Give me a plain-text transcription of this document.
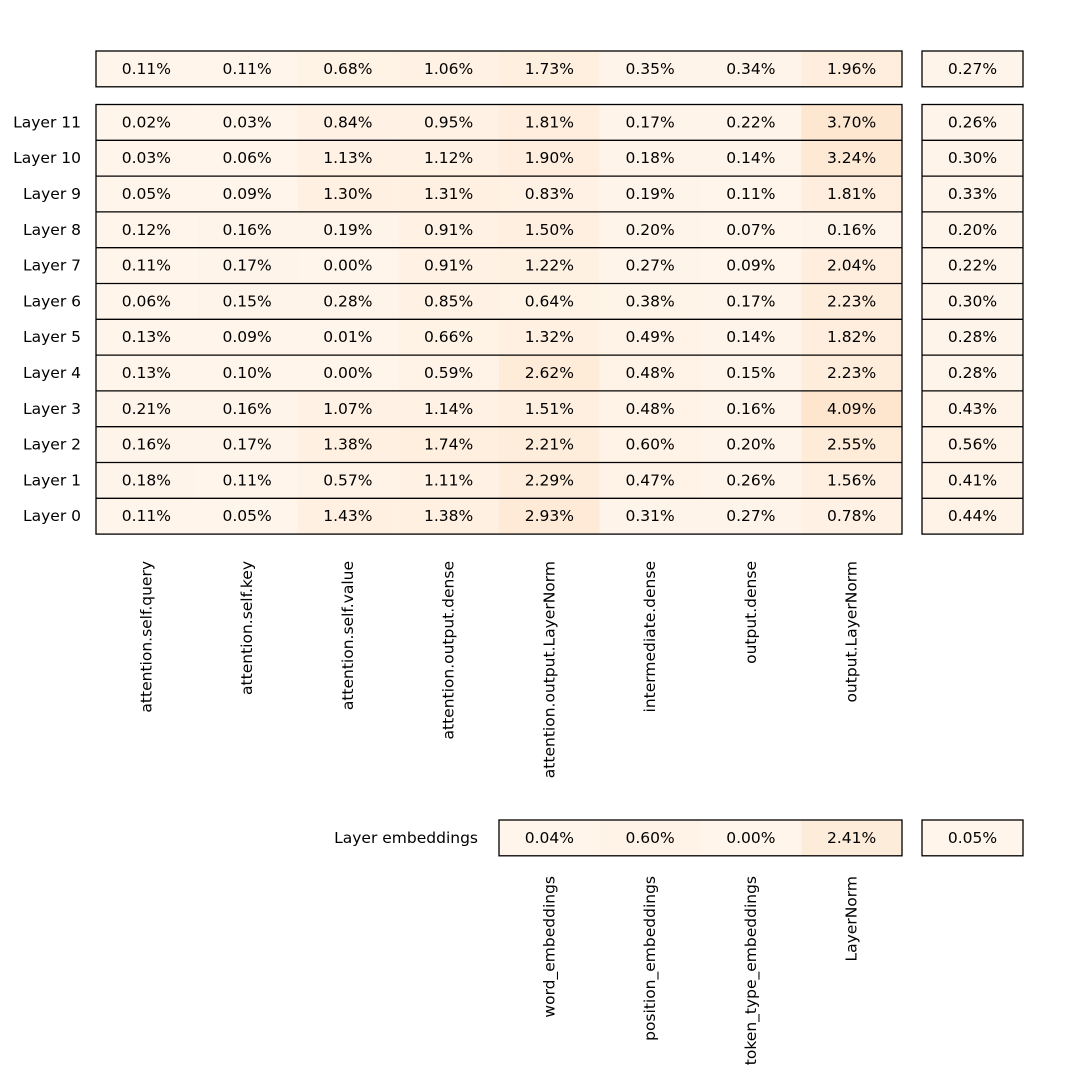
0.11%	0.11%	0.68%	1.06%	1.73%	0.35%	0.34%	1.96%	0.27%
0.02%	0.03%	0.84%	0.95%	1.81%	0.17%	0.22%	3.70%	0.26%
Layer 11
0.03%	0.06%	1.13%	1.12%	1.90%	0.18%	0.14%	3.24%	0.30%
Layer 10
0.05%	0.09%	1.30%	1.31%	0.83%	0.19%	0.11%	1.81%	0.33%
Layer 9
0.12%	0.16%	0.19%	0.91%	1.50%	0.20%	0.07%	0.16%	0.20%
Layer 8
0.11%	0.17%	0.00%	0.91%	1.22%	0.27%	0.09%	2.04%	0.22%
Layer 7
0.06%	0.15%	0.28%	0.85%	0.64%	0.38%	0.17%	2.23%	0.30%
Layer 6
0.13%	0.09%	0.01%	0.66%	1.32%	0.49%	0.14%	1.82%	0.28%
Layer 5
0.13%	0.10%	0.00%	0.59%	2.62%	0.48%	0.15%	2.23%	0.28%
Layer 4
0.21%	0.16%	1.07%	1.14%	1.51%	0.48%	0.16%	4.09%	0.43%
Layer 3
0.16%	0.17%	1.38%	1.74%	2.21%	0.60%	0.20%	2.55%	0.56%
Layer 2
0.18%	0.11%	0.57%	1.11%	2.29%	0.47%	0.26%	1.56%	0.41%
Layer 1
0.11%	0.05%	1.43%	1.38%	2.93%	0.31%	0.27%	0.78%	0.44%
Layer 0
attention.self.query	attention.self.key	attention.self.value	attention.output.dense	attention.output.LayerNorm	intermediate.dense	output.dense	output.LayerNorm
0.04%	0.60%	0.00%	2.41%	0.05%
Layer embeddings
word_embeddings	position_embeddings	token_type_embeddings	LayerNorm
